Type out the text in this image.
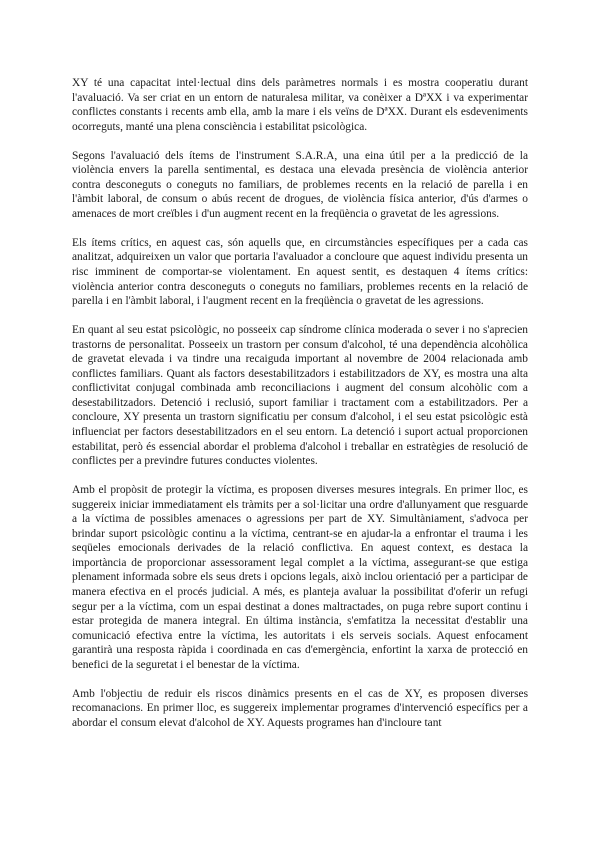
XY té una capacitat intel·lectual dins dels paràmetres normals i es mostra cooperatiu durant l'avaluació. Va ser criat en un entorn de naturalesa militar, va conèixer a DªXX i va experimentar conflictes constants i recents amb ella, amb la mare i els veïns de DªXX. Durant els esdeveniments ocorreguts, manté una plena consciència i estabilitat psicològica.

Segons l'avaluació dels ítems de l'instrument S.A.R.A, una eina útil per a la predicció de la violència envers la parella sentimental, es destaca una elevada presència de violència anterior contra desconeguts o coneguts no familiars, de problemes recents en la relació de parella i en l'àmbit laboral, de consum o abús recent de drogues, de violència física anterior, d'ús d'armes o amenaces de mort creïbles i d'un augment recent en la freqüència o gravetat de les agressions.

Els ítems crítics, en aquest cas, són aquells que, en circumstàncies específiques per a cada cas analitzat, adquireixen un valor que portaria l'avaluador a concloure que aquest individu presenta un risc imminent de comportar-se violentament. En aquest sentit, es destaquen 4 ítems crítics: violència anterior contra desconeguts o coneguts no familiars, problemes recents en la relació de parella i en l'àmbit laboral, i l'augment recent en la freqüència o gravetat de les agressions.

En quant al seu estat psicològic, no posseeix cap síndrome clínica moderada o sever i no s'aprecien trastorns de personalitat. Posseeix un trastorn per consum d'alcohol, té una dependència alcohòlica de gravetat elevada i va tindre una recaiguda important al novembre de 2004 relacionada amb conflictes familiars. Quant als factors desestabilitzadors i estabilitzadors de XY, es mostra una alta conflictivitat conjugal combinada amb reconciliacions i augment del consum alcohòlic com a desestabilitzadors. Detenció i reclusió, suport familiar i tractament com a estabilitzadors. Per a concloure, XY presenta un trastorn significatiu per consum d'alcohol, i el seu estat psicològic està influenciat per factors desestabilitzadors en el seu entorn. La detenció i suport actual proporcionen estabilitat, però és essencial abordar el problema d'alcohol i treballar en estratègies de resolució de conflictes per a previndre futures conductes violentes.

Amb el propòsit de protegir la víctima, es proposen diverses mesures integrals. En primer lloc, es suggereix iniciar immediatament els tràmits per a sol·licitar una ordre d'allunyament que resguarde a la víctima de possibles amenaces o agressions per part de XY. Simultàniament, s'advoca per brindar suport psicològic continu a la víctima, centrant-se en ajudar-la a enfrontar el trauma i les seqüeles emocionals derivades de la relació conflictiva. En aquest context, es destaca la importància de proporcionar assessorament legal complet a la víctima, assegurant-se que estiga plenament informada sobre els seus drets i opcions legals, això inclou orientació per a participar de manera efectiva en el procés judicial. A més, es planteja avaluar la possibilitat d'oferir un refugi segur per a la víctima, com un espai destinat a dones maltractades, on puga rebre suport continu i estar protegida de manera integral. En última instància, s'emfatitza la necessitat d'establir una comunicació efectiva entre la víctima, les autoritats i els serveis socials. Aquest enfocament garantirà una resposta ràpida i coordinada en cas d'emergència, enfortint la xarxa de protecció en benefici de la seguretat i el benestar de la víctima.

Amb l'objectiu de reduir els riscos dinàmics presents en el cas de XY, es proposen diverses recomanacions. En primer lloc, es suggereix implementar programes d'intervenció específics per a abordar el consum elevat d'alcohol de XY. Aquests programes han d'incloure tant
